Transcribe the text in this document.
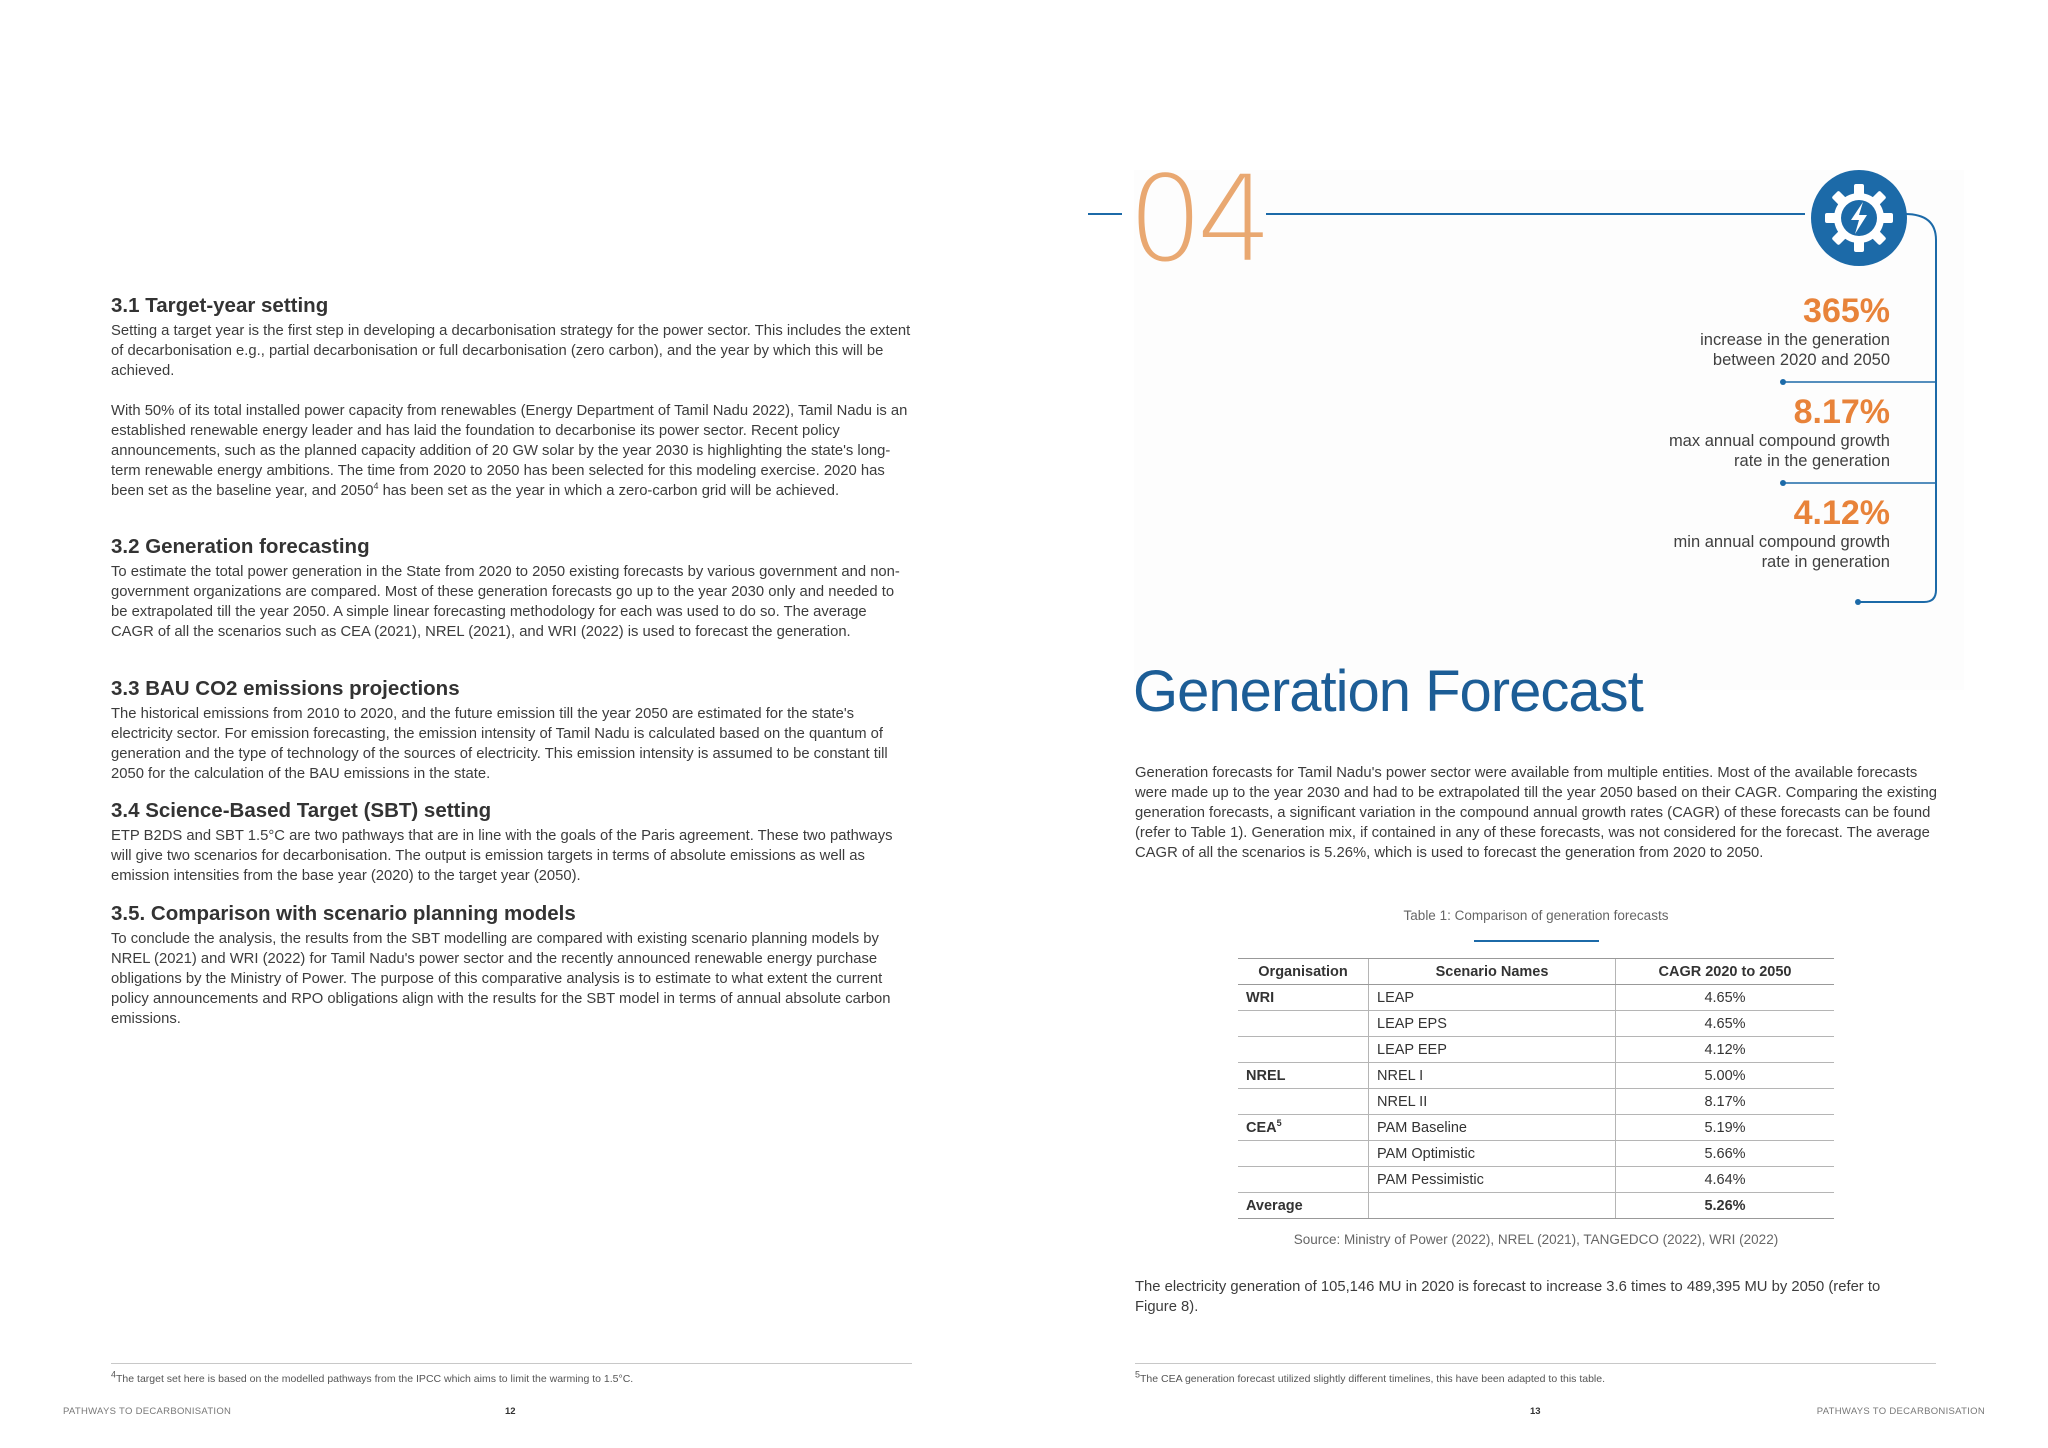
3.1 Target-year setting

Setting a target year is the first step in developing a decarbonisation strategy for the power sector. This includes the extent of decarbonisation e.g., partial decarbonisation or full decarbonisation (zero carbon), and the year by which this will be achieved.

With 50% of its total installed power capacity from renewables (Energy Department of Tamil Nadu 2022), Tamil Nadu is an established renewable energy leader and has laid the foundation to decarbonise its power sector. Recent policy announcements, such as the planned capacity addition of 20 GW solar by the year 2030 is highlighting the state's long-term renewable energy ambitions. The time from 2020 to 2050 has been selected for this modeling exercise. 2020 has been set as the baseline year, and 2050$^4$ has been set as the year in which a zero-carbon grid will be achieved.

3.2 Generation forecasting

To estimate the total power generation in the State from 2020 to 2050 existing forecasts by various government and non-government organizations are compared. Most of these generation forecasts go up to the year 2030 only and needed to be extrapolated till the year 2050. A simple linear forecasting methodology for each was used to do so. The average CAGR of all the scenarios such as CEA (2021), NREL (2021), and WRI (2022) is used to forecast the generation.

3.3 BAU CO2 emissions projections

The historical emissions from 2010 to 2020, and the future emission till the year 2050 are estimated for the state's electricity sector. For emission forecasting, the emission intensity of Tamil Nadu is calculated based on the quantum of generation and the type of technology of the sources of electricity. This emission intensity is assumed to be constant till 2050 for the calculation of the BAU emissions in the state.

3.4 Science-Based Target (SBT) setting

ETP B2DS and SBT 1.5°C are two pathways that are in line with the goals of the Paris agreement. These two pathways will give two scenarios for decarbonisation. The output is emission targets in terms of absolute emissions as well as emission intensities from the base year (2020) to the target year (2050).

3.5. Comparison with scenario planning models

To conclude the analysis, the results from the SBT modelling are compared with existing scenario planning models by NREL (2021) and WRI (2022) for Tamil Nadu's power sector and the recently announced renewable energy purchase obligations by the Ministry of Power. The purpose of this comparative analysis is to estimate to what extent the current policy announcements and RPO obligations align with the results for the SBT model in terms of annual absolute carbon emissions.

$^4$The target set here is based on the modelled pathways from the IPCC which aims to limit the warming to 1.5°C.
PATHWAYS TO DECARBONISATION	12
04
365%
increase in the generation
between 2020 and 2050
8.17%
max annual compound growth
rate in the generation
4.12%
min annual compound growth
rate in generation
Generation Forecast

Generation forecasts for Tamil Nadu's power sector were available from multiple entities. Most of the available forecasts were made up to the year 2030 and had to be extrapolated till the year 2050 based on their CAGR. Comparing the existing generation forecasts, a significant variation in the compound annual growth rates (CAGR) of these forecasts can be found (refer to Table 1). Generation mix, if contained in any of these forecasts, was not considered for the forecast. The average CAGR of all the scenarios is 5.26%, which is used to forecast the generation from 2020 to 2050.

Table 1: Comparison of generation forecasts
Organisation	Scenario Names	CAGR 2020 to 2050
WRI	LEAP	4.65%
	LEAP EPS	4.65%
	LEAP EEP	4.12%
NREL	NREL I	5.00%
	NREL II	8.17%
CEA$^5$	PAM Baseline	5.19%
	PAM Optimistic	5.66%
	PAM Pessimistic	4.64%
Average		5.26%
Source: Ministry of Power (2022), NREL (2021), TANGEDCO (2022), WRI (2022)

The electricity generation of 105,146 MU in 2020 is forecast to increase 3.6 times to 489,395 MU by 2050 (refer to Figure 8).

$^5$The CEA generation forecast utilized slightly different timelines, this have been adapted to this table.
13	PATHWAYS TO DECARBONISATION
